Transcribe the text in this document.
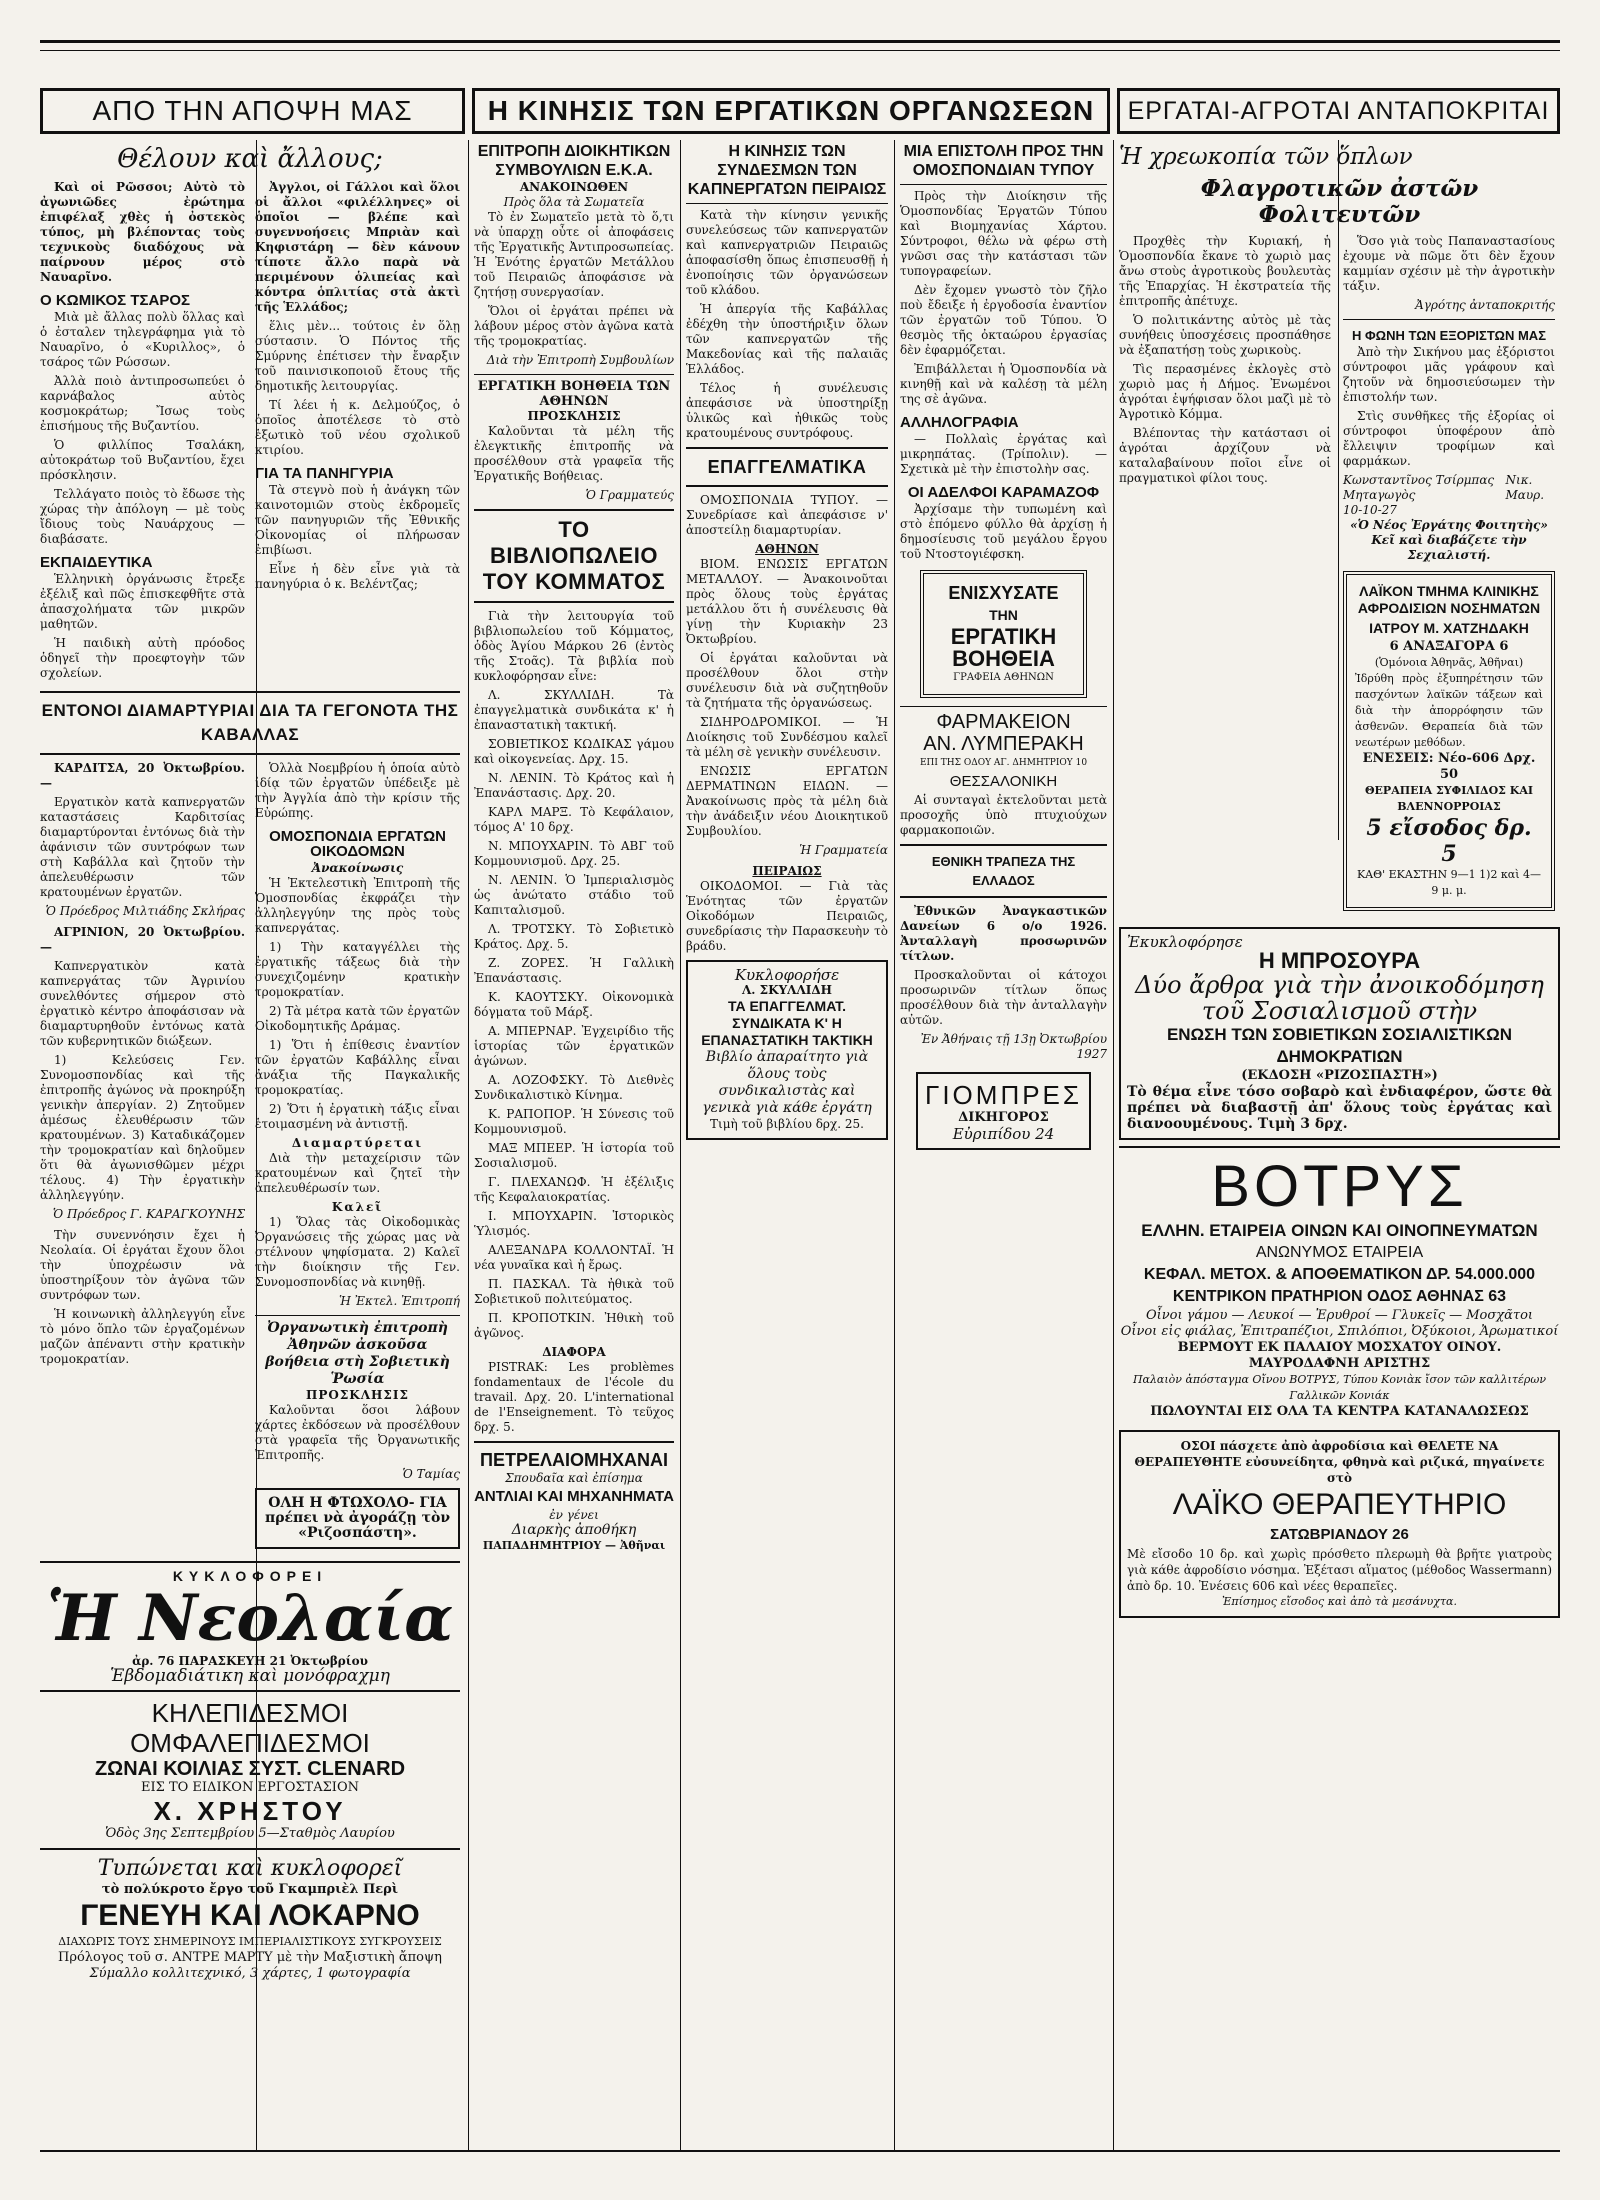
ΑΠΟ ΤΗΝ ΑΠΟΨΗ ΜΑΣ	Η ΚΙΝΗΣΙΣ ΤΩΝ ΕΡΓΑΤΙΚΩΝ ΟΡΓΑΝΩΣΕΩΝ ΕΡΓΑΤΑΙ-ΑΓΡΟΤΑΙ ΑΝΤΑΠΟΚΡΙΤΑΙ
Θέλουν καὶ ἄλλους;

Καὶ οἱ Ρῶσσοι; Αὐτὸ τὸ ἀγωνιῶδες ἐρώτημα ἐπιφέλαξ χθὲς ἡ ὀστεκὸς τύπος, μὴ βλέποντας τοὺς τεχνικοὺς διαδόχους νὰ παίρνουν μέρος στὸ Ναυαρῖνο.

Ο ΚΩΜΙΚΟΣ ΤΣΑΡΟΣ

Μιὰ μὲ ἄλλας πολὺ ὅλλας καὶ ὁ ἐσταλεν τηλεγράφημα γιὰ τὸ Ναυαρῖνο, ὁ «Κυριλλος», ὁ τσάρος τῶν Ρώσσων.

Ἀλλὰ ποιὸ ἀντιπροσωπεύει ὁ καρνάβαλος αὐτὸς κοσμοκράτωρ; Ἴσως τοὺς ἐπισήμους τῆς Βυζαντίου.

Ὁ φιλλίπος Τσαλάκη, αὐτοκράτωρ τοῦ Βυζαντίου, ἔχει πρόσκλησιν.

Τελλάγατο ποιὸς τὸ ἔδωσε τὴς χώρας τὴν ἀπόλογη — μὲ τοὺς ἴδιους τοὺς Ναυάρχους — διαβάσατε.

ΕΚΠΑΙΔΕΥΤΙΚΑ

Ἑλληνικὴ ὀργάνωσις ἔτρεξε ἐξέλιξ καὶ πῶς ἐπισκεφθῆτε στὰ ἀπασχολήματα τῶν μικρῶν μαθητῶν.

Ἡ παιδικὴ αὐτὴ πρόοδος ὁδηγεῖ τὴν προεφτογὴν τῶν σχολείων.

Ἀγγλοι, οἱ Γάλλοι καὶ ὅλοι οἱ ἄλλοι «φιλέλληνες» οἱ ὁποῖοι — βλέπε καὶ συγεννοήσεις Μπριὰν καὶ Κηφιστάρη — δὲν κάνουν τίποτε ἄλλο παρὰ νὰ περιμένουν ὁλιπείας καὶ κόντρα ὁπλιτίας στὰ ἀκτὶ τῆς Ἑλλάδος;

ἕλις μὲν... τούτοις ἐν ὅλῃ σύστασιν. Ὁ Πόντος τῆς Σμύρνης ἐπέτισεν τὴν ἔναρξιν τοῦ παινισικοποιοῦ ἔτους τῆς δημοτικῆς λειτουργίας.

Τί λέει ἡ κ. Δελμούζος, ὁ ὁποῖος ἀποτέλεσε τὸ στὸ ἑξωτικὸ τοῦ νέου σχολικοῦ κτιρίου.

ΓΙΑ ΤΑ ΠΑΝΗΓΥΡΙΑ

Τὰ στεγνὸ ποὺ ἡ ἀνάγκη τῶν καινοτομιῶν στοὺς ἐκδρομεῖς τῶν πανηγυριῶν τῆς Ἐθνικῆς Οἰκονομίας οἱ πλήρωσαν ἐπιβίωσι.

Εἶνε ἡ δὲν εἶνε γιὰ τὰ πανηγύρια ὁ κ. Βελέντζας;

ΕΝΤΟΝΟΙ ΔΙΑΜΑΡΤΥΡΙΑΙ ΔΙΑ ΤΑ ΓΕΓΟΝΟΤΑ ΤΗΣ ΚΑΒΑΛΛΑΣ

ΚΑΡΔΙΤΣΑ, 20 Ὀκτωβρίου. —

Εργατικὸν κατὰ καπνεργατῶν καταστάσεις Καρδιτσίας διαμαρτύρονται ἐντόνως διὰ τὴν ἀφάνισιν τῶν συντρόφων των στὴ Καβάλλα καὶ ζητοῦν τὴν ἀπελευθέρωσιν τῶν κρατουμένων ἐργατῶν.

Ὁ Πρόεδρος Μιλτιάδης Σκλήρας

ΑΓΡΙΝΙΟΝ, 20 Ὀκτωβρίου. —

Καπνεργατικὸν κατὰ καπνεργάτας τῶν Ἀγρινίου συνελθόντες σήμερον στὸ ἐργατικὸ κέντρο ἀποφάσισαν νὰ διαμαρτυρηθοῦν ἐντόνως κατὰ τῶν κυβερνητικῶν διώξεων.

1) Κελεύσεις Γεν. Συνομοσπονδίας καὶ τῆς ἐπιτροπῆς ἀγώνος νὰ προκηρύξη γενικὴν ἀπεργίαν. 2) Ζητοῦμεν ἀμέσως ἐλευθέρωσιν τῶν κρατουμένων. 3) Καταδικάζομεν τὴν τρομοκρατίαν καὶ δηλοῦμεν ὅτι θὰ ἀγωνισθῶμεν μέχρι τέλους. 4) Τὴν ἐργατικὴν ἀλληλεγγύην.

Ὁ Πρόεδρος Γ. ΚΑΡΑΓΚΟΥΝΗΣ

Τὴν συνεννόησιν ἔχει ἡ Νεολαία. Οἱ ἐργάται ἔχουν ὅλοι τὴν ὑποχρέωσιν νὰ ὑποστηρίξουν τὸν ἀγῶνα τῶν συντρόφων των.

Ἡ κοινωνικὴ ἀλληλεγγύη εἶνε τὸ μόνο ὅπλο τῶν ἐργαζομένων μαζῶν ἀπέναντι στὴν κρατικὴν τρομοκρατίαν.

Ὁλλὰ Νοεμβρίου ἡ ὁποία αὐτὸ ἰδίᾳ τῶν ἐργατῶν ὑπέδειξε μὲ τὴν Ἀγγλία ἀπὸ τὴν κρίσιν τῆς Εὐρώπης.

ΟΜΟΣΠΟΝΔΙΑ ΕΡΓΑΤΩΝ ΟΙΚΟΔΟΜΩΝ
Ἀνακοίνωσις

Ἡ Ἐκτελεστικὴ Ἐπιτροπὴ τῆς Ὁμοσπονδίας ἐκφράζει τὴν ἀλληλεγγύην της πρὸς τοὺς καπνεργάτας.

1) Τὴν καταγγέλλει τὴς ἐργατικῆς τάξεως διὰ τὴν συνεχιζομένην κρατικὴν τρομοκρατίαν.

2) Τὰ μέτρα κατὰ τῶν ἐργατῶν Οἰκοδομητικῆς Δράμας.

1) Ὅτι ἡ ἐπίθεσις ἐναντίον τῶν ἐργατῶν Καβάλλης εἶναι ἀνάξια τῆς Παγκαλικῆς τρομοκρατίας.

2) Ὅτι ἡ ἐργατικὴ τάξις εἶναι ἑτοιμασμένη νὰ ἀντιστῇ.

Διαμαρτύρεται

Διὰ τὴν μεταχείρισιν τῶν κρατουμένων καὶ ζητεῖ τὴν ἀπελευθέρωσίν των.

Καλεῖ

1) Ὅλας τὰς Οἰκοδομικὰς Ὀργανώσεις τῆς χώρας μας νὰ στέλνουν ψηφίσματα. 2) Καλεῖ τὴν διοίκησιν τῆς Γεν. Συνομοσπονδίας νὰ κινηθῇ.

Ἡ Ἐκτελ. Ἐπιτροπή

Ὀργανωτικὴ ἐπιτροπὴ Ἀθηνῶν ἀσκοῦσα βοήθεια στὴ Σοβιετικὴ Ῥωσία
ΠΡΟΣΚΛΗΣΙΣ

Καλοῦνται ὅσοι λάβουν χάρτες ἐκδόσεων νὰ προσέλθουν στὰ γραφεῖα τῆς Ὀργανωτικῆς Ἐπιτροπῆς.

Ὁ Ταμίας

ΟΛΗ Η ΦΤΩΧΟΛΟ- ΓΙΑ πρέπει νὰ ἀγοράζῃ τὸν «Ριζοσπάστη».
ΚΥΚΛΟΦΟΡΕΙ
Ἡ Νεολαία
ἀρ. 76 ΠΑΡΑΣΚΕΥΗ 21 Ὀκτωβρίου
Ἑβδομαδιάτικη καὶ μονόφραχμη
ΚΗΛΕΠΙΔΕΣΜΟΙ
ΟΜΦΑΛΕΠΙΔΕΣΜΟΙ
ΖΩΝΑΙ ΚΟΙΛΙΑΣ ΣΥΣΤ. CLENARD
ΕΙΣ ΤΟ ΕΙΔΙΚΟΝ ΕΡΓΟΣΤΑΣΙΟΝ
Χ. ΧΡΗΣΤΟΥ
Ὁδὸς 3ης Σεπτεμβρίου 5—Σταθμὸς Λαυρίου
Τυπώνεται καὶ κυκλοφορεῖ
τὸ πολύκροτο ἔργο τοῦ Γκαμπριὲλ Περὶ
ΓΕΝΕΥΗ ΚΑΙ ΛΟΚΑΡΝΟ
ΔΙΑΧΩΡΙΣ ΤΟΥΣ ΣΗΜΕΡΙΝΟΥΣ ΙΜΠΕΡΙΑΛΙΣΤΙΚΟΥΣ ΣΥΓΚΡΟΥΣΕΙΣ
Πρόλογος τοῦ σ. ΑΝΤΡΕ ΜΑΡΤΥ μὲ τὴν Μαξιστικὴ ἄποψη
Σύμαλλο κολλιτεχνικό, 3 χάρτες, 1 φωτογραφία
ΕΠΙΤΡΟΠΗ ΔΙΟΙΚΗΤΙΚΩΝ ΣΥΜΒΟΥΛΙΩΝ Ε.Κ.Α.
ΑΝΑΚΟΙΝΩΘΕΝ
Πρὸς ὅλα τὰ Σωματεῖα

Τὸ ἐν Σωματεῖο μετὰ τὸ ὅ,τι νὰ ὑπαρχῃ οὖτε οἱ ἀποφάσεις τῆς Ἐργατικῆς Ἀντιπροσωπείας. Ἡ Ἐνότης ἐργατῶν Μετάλλου τοῦ Πειραιῶς ἀποφάσισε νὰ ζητήσῃ συνεργασίαν.

Ὅλοι οἱ ἐργάται πρέπει νὰ λάβουν μέρος στὸν ἀγῶνα κατὰ τῆς τρομοκρατίας.

Διὰ τὴν Ἐπιτροπὴ Συμβουλίων

ΕΡΓΑΤΙΚΗ ΒΟΗΘΕΙΑ ΤΩΝ ΑΘΗΝΩΝ
ΠΡΟΣΚΛΗΣΙΣ

Καλοῦνται τὰ μέλη τῆς ἐλεγκτικῆς ἐπιτροπῆς νὰ προσέλθουν στὰ γραφεῖα τῆς Ἐργατικῆς Βοήθειας.

Ὁ Γραμματεύς

ΤΟ ΒΙΒΛΙΟΠΩΛΕΙΟ ΤΟΥ ΚΟΜΜΑΤΟΣ

Γιὰ τὴν λειτουργία τοῦ βιβλιοπωλείου τοῦ Κόμματος, ὁδὸς Ἁγίου Μάρκου 26 (ἐντὸς τῆς Στοᾶς). Τὰ βιβλία ποὺ κυκλοφόρησαν εἶνε:

Λ. ΣΚΥΛΛΙΔΗ. Τὰ ἐπαγγελματικὰ συνδικάτα κ' ἡ ἐπαναστατικὴ τακτική.

ΣΟΒΙΕΤΙΚΟΣ ΚΩΔΙΚΑΣ γάμου καὶ οἰκογενείας. Δρχ. 15.

Ν. ΛΕΝΙΝ. Τὸ Κράτος καὶ ἡ Ἐπανάστασις. Δρχ. 20.

ΚΑΡΛ ΜΑΡΞ. Τὸ Κεφάλαιον, τόμος Α' 10 δρχ.

Ν. ΜΠΟΥΧΑΡΙΝ. Τὸ ΑΒΓ τοῦ Κομμουνισμοῦ. Δρχ. 25.

Ν. ΛΕΝΙΝ. Ὁ Ἰμπεριαλισμὸς ὡς ἀνώτατο στάδιο τοῦ Καπιταλισμοῦ.

Λ. ΤΡΟΤΣΚΥ. Τὸ Σοβιετικὸ Κράτος. Δρχ. 5.

Ζ. ΖΟΡΕΣ. Ἡ Γαλλικὴ Ἐπανάστασις.

Κ. ΚΑΟΥΤΣΚΥ. Οἰκονομικὰ δόγματα τοῦ Μάρξ.

Α. ΜΠΕΡΝΑΡ. Ἐγχειρίδιο τῆς ἱστορίας τῶν ἐργατικῶν ἀγώνων.

Α. ΛΟΖΟΦΣΚΥ. Τὸ Διεθνὲς Συνδικαλιστικὸ Κίνημα.

Κ. ΡΑΠΟΠΟΡ. Ἡ Σύνεσις τοῦ Κομμουνισμοῦ.

ΜΑΞ ΜΠΕΕΡ. Ἡ ἱστορία τοῦ Σοσιαλισμοῦ.

Γ. ΠΛΕΧΑΝΩΦ. Ἡ ἐξέλιξις τῆς Κεφαλαιοκρατίας.

Ι. ΜΠΟΥΧΑΡΙΝ. Ἱστορικὸς Ὑλισμός.

ΑΛΕΞΑΝΔΡΑ ΚΟΛΛΟΝΤΑΪ. Ἡ νέα γυναῖκα καὶ ἡ ἔρως.

Π. ΠΑΣΚΑΛ. Τὰ ἠθικὰ τοῦ Σοβιετικοῦ πολιτεύματος.

Π. ΚΡΟΠΟΤΚΙΝ. Ἠθικὴ τοῦ ἀγῶνος.

ΔΙΑΦΟΡΑ

PISTRAK: Les problèmes fondamentaux de l'école du travail. Δρχ. 20. L'international de l'Enseignement. Τὸ τεῦχος δρχ. 5.

ΠΕΤΡΕΛΑΙΟΜΗΧΑΝΑΙ
Σπουδαῖα καὶ ἐπίσημα
ΑΝΤΛΙΑΙ ΚΑΙ ΜΗΧΑΝΗΜΑΤΑ
ἐν γένει
Διαρκὴς ἀποθήκη
ΠΑΠΑΔΗΜΗΤΡΙΟΥ — Ἀθῆναι
Η ΚΙΝΗΣΙΣ ΤΩΝ ΣΥΝΔΕΣΜΩΝ ΤΩΝ ΚΑΠΝΕΡΓΑΤΩΝ ΠΕΙΡΑΙΩΣ

Κατὰ τὴν κίνησιν γενικῆς συνελεύσεως τῶν καπνεργατῶν καὶ καπνεργατριῶν Πειραιῶς ἀποφασίσθη ὅπως ἐπισπευσθῇ ἡ ἐνοποίησις τῶν ὀργανώσεων τοῦ κλάδου.

Ἡ ἀπεργία τῆς Καβάλλας ἐδέχθη τὴν ὑποστήριξιν ὅλων τῶν καπνεργατῶν τῆς Μακεδονίας καὶ τῆς παλαιᾶς Ἑλλάδος.

Τέλος ἡ συνέλευσις ἀπεφάσισε νὰ ὑποστηρίξῃ ὑλικῶς καὶ ἠθικῶς τοὺς κρατουμένους συντρόφους.

ΕΠΑΓΓΕΛΜΑΤΙΚΑ

ΟΜΟΣΠΟΝΔΙΑ ΤΥΠΟΥ. — Συνεδρίασε καὶ ἀπεφάσισε ν' ἀποστείλῃ διαμαρτυρίαν.

ΑΘΗΝΩΝ

ΒΙΟΜ. ΕΝΩΣΙΣ ΕΡΓΑΤΩΝ ΜΕΤΑΛΛΟΥ. — Ἀνακοινοῦται πρὸς ὅλους τοὺς ἐργάτας μετάλλου ὅτι ἡ συνέλευσις θὰ γίνῃ τὴν Κυριακὴν 23 Ὀκτωβρίου.

Οἱ ἐργάται καλοῦνται νὰ προσέλθουν ὅλοι στὴν συνέλευσιν διὰ νὰ συζητηθοῦν τὰ ζητήματα τῆς ὀργανώσεως.

ΣΙΔΗΡΟΔΡΟΜΙΚΟΙ. — Ἡ Διοίκησις τοῦ Συνδέσμου καλεῖ τὰ μέλη σὲ γενικὴν συνέλευσιν.

ΕΝΩΣΙΣ ΕΡΓΑΤΩΝ ΔΕΡΜΑΤΙΝΩΝ ΕΙΔΩΝ. — Ἀνακοίνωσις πρὸς τὰ μέλη διὰ τὴν ἀνάδειξιν νέου Διοικητικοῦ Συμβουλίου.

Ἡ Γραμματεία

ΠΕΙΡΑΙΩΣ

ΟΙΚΟΔΟΜΟΙ. — Γιὰ τὰς Ἑνότητας τῶν ἐργατῶν Οἰκοδόμων Πειραιῶς, συνεδρίασις τὴν Παρασκευὴν τὸ βράδυ.

Κυκλοφορήσε
Λ. ΣΚΥΛΛΙΔΗ
ΤΑ ΕΠΑΓΓΕΛΜΑΤ. ΣΥΝΔΙΚΑΤΑ Κ' Η ΕΠΑΝΑΣΤΑΤΙΚΗ ΤΑΚΤΙΚΗ
Βιβλίο ἀπαραίτητο γιὰ ὅλους τοὺς συνδικαλιστὰς καὶ γενικὰ γιὰ κάθε ἐργάτη
Τιμὴ τοῦ βιβλίου δρχ. 25.
ΜΙΑ ΕΠΙΣΤΟΛΗ ΠΡΟΣ ΤΗΝ ΟΜΟΣΠΟΝΔΙΑΝ ΤΥΠΟΥ

Πρὸς τὴν Διοίκησιν τῆς Ὁμοσπονδίας Ἐργατῶν Τύπου καὶ Βιομηχανίας Χάρτου. Σύντροφοι, θέλω νὰ φέρω στὴ γνῶσι σας τὴν κατάστασι τῶν τυπογραφείων.

Δὲν ἔχομεν γνωστὸ τὸν ζῆλο ποὺ ἔδειξε ἡ ἐργοδοσία ἐναντίον τῶν ἐργατῶν τοῦ Τύπου. Ὁ θεσμὸς τῆς ὀκταώρου ἐργασίας δὲν ἐφαρμόζεται.

Ἐπιβάλλεται ἡ Ὁμοσπονδία νὰ κινηθῇ καὶ νὰ καλέσῃ τὰ μέλη της σὲ ἀγῶνα.

ΑΛΛΗΛΟΓΡΑΦΙΑ

— Πολλαὶς ἐργάτας καὶ μικρηπάτας. (Τρίπολιν). — Σχετικὰ μὲ τὴν ἐπιστολὴν σας.

ΟΙ ΑΔΕΛΦΟΙ ΚΑΡΑΜΑΖΟΦ

Ἀρχίσαμε τὴν τυπωμένη καὶ στὸ ἐπόμενο φύλλο θὰ ἀρχίσῃ ἡ δημοσίευσις τοῦ μεγάλου ἔργου τοῦ Ντοστογιέφσκη.

ΕΝΙΣΧΥΣΑΤΕ
ΤΗΝ
ΕΡΓΑΤΙΚΗ
ΒΟΗΘΕΙΑ
ΓΡΑΦΕΙΑ ΑΘΗΝΩΝ
ΦΑΡΜΑΚΕΙΟΝ
ΑΝ. ΛΥΜΠΕΡΑΚΗ
ΕΠΙ ΤΗΣ ΟΔΟΥ ΑΓ. ΔΗΜΗΤΡΙΟΥ 10
ΘΕΣΣΑΛΟΝΙΚΗ

Αἱ συνταγαὶ ἐκτελοῦνται μετὰ προσοχῆς ὑπὸ πτυχιούχων φαρμακοποιῶν.

ΕΘΝΙΚΗ ΤΡΑΠΕΖΑ ΤΗΣ ΕΛΛΑΔΟΣ

Ἐθνικῶν Ἀναγκαστικῶν Δανείων 6 ο/ο 1926. Ἀνταλλαγὴ προσωρινῶν τίτλων.

Προσκαλοῦνται οἱ κάτοχοι προσωρινῶν τίτλων ὅπως προσέλθουν διὰ τὴν ἀνταλλαγὴν αὐτῶν.

Ἐν Ἀθήναις τῇ 13ῃ Ὀκτωβρίου 1927

ΓΙΟΜΠΡΕΣ
ΔΙΚΗΓΟΡΟΣ
Εὐριπίδου 24
Ἡ χρεωκοπία τῶν ὅπλων
Φλαγροτικῶν ἀστῶν Φολιτευτῶν

Προχθὲς τὴν Κυριακή, ἡ Ὁμοσπονδία ἔκανε τὸ χωριὸ μας ἄνω στοὺς ἀγροτικοὺς βουλευτὰς τῆς Ἐπαρχίας. Ἡ ἐκστρατεία τῆς ἐπιτροπῆς ἀπέτυχε.

Ὁ πολιτικάντης αὐτὸς μὲ τὰς συνήθεις ὑποσχέσεις προσπάθησε νὰ ἐξαπατήσῃ τοὺς χωρικοὺς.

Τὶς περασμένες ἐκλογὲς στὸ χωριὸ μας ἡ Δήμος. Ἐνωμένοι ἀγρόται ἐψήφισαν ὅλοι μαζὶ μὲ τὸ Ἀγροτικὸ Κόμμα.

Βλέποντας τὴν κατάστασι οἱ ἀγρόται ἀρχίζουν νὰ καταλαβαίνουν ποῖοι εἶνε οἱ πραγματικοὶ φίλοι τους.

Ὅσο γιὰ τοὺς Παπαναστασίους ἐχουμε νὰ πῶμε ὅτι δὲν ἔχουν καμμίαν σχέσιν μὲ τὴν ἀγροτικὴν τάξιν.

Ἀγρότης ἀνταποκριτής

Η ΦΩΝΗ ΤΩΝ ΕΞΟΡΙΣΤΩΝ ΜΑΣ

Ἀπὸ τὴν Σικήνου μας ἐξόριστοι σύντροφοι μᾶς γράφουν καὶ ζητοῦν νὰ δημοσιεύσωμεν τὴν ἐπιστολήν των.

Στὶς συνθῆκες τῆς ἐξορίας οἱ σύντροφοι ὑποφέρουν ἀπὸ ἔλλειψιν τροφίμων καὶ φαρμάκων.

Κωνσταντῖνος Τσίρμπας Μηταγωγὸς
Νικ. Μαυρ.
10-10-27
«Ὁ Νέος Ἐργάτης Φοιτητὴς»
Κεῖ καὶ διαβάζετε τὴν Σεχιαλιστή.
ΛΑΪΚΟΝ ΤΜΗΜΑ ΚΛΙΝΙΚΗΣ ΑΦΡΟΔΙΣΙΩΝ ΝΟΣΗΜΑΤΩΝ
ΙΑΤΡΟΥ Μ. ΧΑΤΖΗΔΑΚΗ
6 ΑΝΑΞΑΓΟΡΑ 6
(Ὁμόνοια Ἀθηνᾶς, Ἀθῆναι)
Ἰδρύθη πρὸς ἐξυπηρέτησιν τῶν πασχόντων λαϊκῶν τάξεων καὶ διὰ τὴν ἀπορρόφησιν τῶν ἀσθενῶν. Θεραπεία διὰ τῶν νεωτέρων μεθόδων.
ΕΝΕΣΕΙΣ: Νέο-606 Δρχ. 50
ΘΕΡΑΠΕΙΑ ΣΥΦΙΛΙΔΟΣ ΚΑΙ ΒΛΕΝΝΟΡΡΟΙΑΣ
5 εἴσοδος δρ. 5
ΚΑΘ' ΕΚΑΣΤΗΝ 9—1 1)2 καὶ 4—9 μ. μ.
Ἐκυκλοφόρησε
Η ΜΠΡΟΣΟΥΡΑ
Δύο ἄρθρα γιὰ τὴν ἀνοικοδόμηση
τοῦ Σοσιαλισμοῦ στὴν
ΕΝΩΣΗ ΤΩΝ ΣΟΒΙΕΤΙΚΩΝ ΣΟΣΙΑΛΙΣΤΙΚΩΝ ΔΗΜΟΚΡΑΤΙΩΝ
(ΕΚΔΟΣΗ «ΡΙΖΟΣΠΑΣΤΗ»)
Τὸ θέμα εἶνε τόσο σοβαρὸ καὶ ἐνδιαφέρον, ὥστε θὰ πρέπει νὰ διαβαστῇ ἀπ' ὅλους τοὺς ἐργάτας καὶ διανοουμένους. Τιμὴ 3 δρχ.
ΒΟΤΡΥΣ
ΕΛΛΗΝ. ΕΤΑΙΡΕΙΑ ΟΙΝΩΝ ΚΑΙ ΟΙΝΟΠΝΕΥΜΑΤΩΝ
ΑΝΩΝΥΜΟΣ ΕΤΑΙΡΕΙΑ
ΚΕΦΑΛ. ΜΕΤΟΧ. & ΑΠΟΘΕΜΑΤΙΚΟΝ ΔΡ. 54.000.000
ΚΕΝΤΡΙΚΟΝ ΠΡΑΤΗΡΙΟΝ ΟΔΟΣ ΑΘΗΝΑΣ 63
Οἶνοι γάμου — Λευκοί — Ἐρυθροί — Γλυκεῖς — Μοσχᾶτοι
Οἶνοι εἰς φιάλας, Ἐπιτραπέζιοι, Σπιλόπιοι, Ὀξύκοιοι, Ἀρωματικοί
ΒΕΡΜΟΥΤ ΕΚ ΠΑΛΑΙΟΥ ΜΟΣΧΑΤΟΥ ΟΙΝΟΥ.
ΜΑΥΡΟΔΑΦΝΗ ΑΡΙΣΤΗΣ
Παλαιὸν ἀπόσταγμα Οἴνου ΒΟΤΡΥΣ, Τύπου Κονιὰκ ἴσον τῶν καλλιτέρων Γαλλικῶν Κονιάκ
ΠΩΛΟΥΝΤΑΙ ΕΙΣ ΟΛΑ ΤΑ ΚΕΝΤΡΑ ΚΑΤΑΝΑΛΩΣΕΩΣ
ΟΣΟΙ πάσχετε ἀπὸ ἀφροδίσια καὶ ΘΕΛΕΤΕ ΝΑ ΘΕΡΑΠΕΥΘΗΤΕ εὐσυνείδητα, φθηνὰ καὶ ριζικά, πηγαίνετε στὸ
ΛΑΪΚΟ ΘΕΡΑΠΕΥΤΗΡΙΟ
ΣΑΤΩΒΡΙΑΝΔΟΥ 26
Μὲ εἴσοδο 10 δρ. καὶ χωρὶς πρόσθετο πλερωμὴ θὰ βρῆτε γιατροὺς γιὰ κάθε ἀφροδίσιο νόσημα. Ἐξέτασι αἵματος (μέθοδος Wassermann) ἀπὸ δρ. 10. Ἐνέσεις 606 καὶ νέες θεραπεῖες.
Ἐπίσημος εἴσοδος καὶ ἀπὸ τὰ μεσάνυχτα.
